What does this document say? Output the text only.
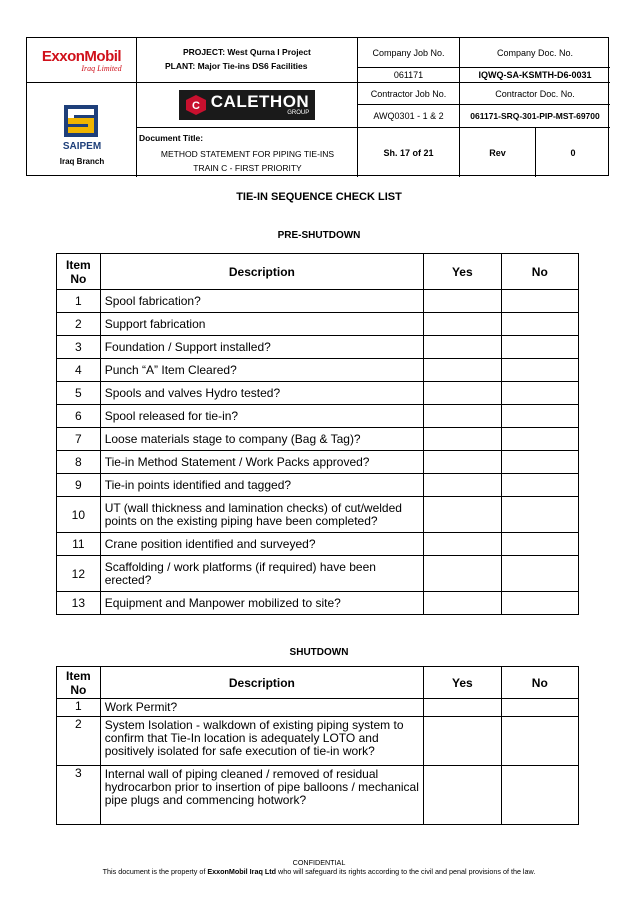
ExxonMobil
Iraq Limited
PROJECT: West Qurna I Project
PLANT: Major Tie-ins DS6 Facilities
Company Job No.	Company Doc. No.
061171	IQWQ-SA-KSMTH-D6-0031
SAIPEM
Iraq Branch
C CALETHON
GROUP
Contractor Job No.	Contractor Doc. No.
AWQ0301 - 1 & 2	061171-SRQ-301-PIP-MST-69700
Document Title:
METHOD STATEMENT FOR PIPING TIE-INS
TRAIN C - FIRST PRIORITY
Sh. 17 of 21	Rev	0
TIE-IN SEQUENCE CHECK LIST
PRE-SHUTDOWN
Item No	Description	Yes	No
1	Spool fabrication?		
2	Support fabrication		
3	Foundation / Support installed?		
4	Punch “A” Item Cleared?		
5	Spools and valves Hydro tested?		
6	Spool released for tie-in?		
7	Loose materials stage to company (Bag & Tag)?		
8	Tie-in Method Statement / Work Packs approved?		
9	Tie-in points identified and tagged?		
10	UT (wall thickness and lamination checks) of cut/welded points on the existing piping have been completed?		
11	Crane position identified and surveyed?		
12	Scaffolding / work platforms (if required) have been erected?		
13	Equipment and Manpower mobilized to site?		
SHUTDOWN
Item No	Description	Yes	No
1	Work Permit?		
2	System Isolation - walkdown of existing piping system to confirm that Tie-In location is adequately LOTO and positively isolated for safe execution of tie-in work?		
3	Internal wall of piping cleaned / removed of residual hydrocarbon prior to insertion of pipe balloons / mechanical pipe plugs and commencing hotwork?		
CONFIDENTIAL
This document is the property of ExxonMobil Iraq Ltd who will safeguard its rights according to the civil and penal provisions of the law.
